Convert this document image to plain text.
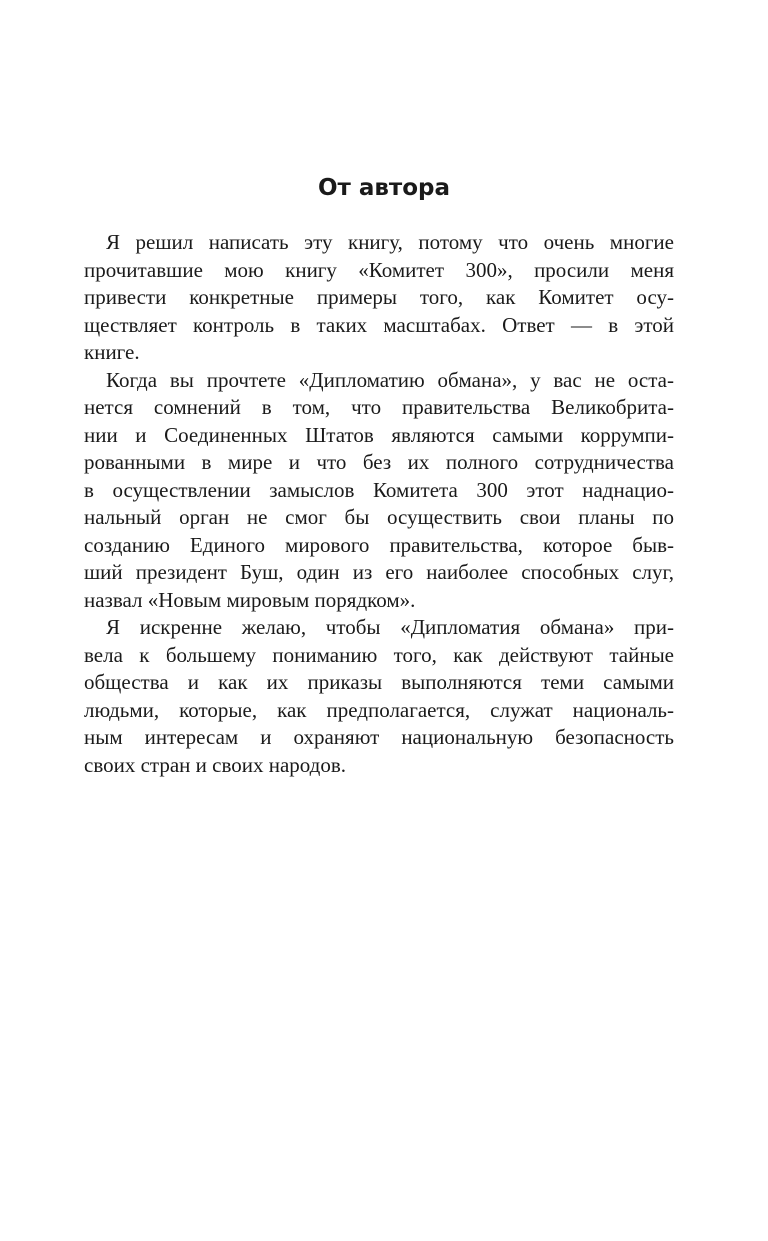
От автора
Я решил написать эту книгу, потому что очень многие
прочитавшие мою книгу «Комитет 300», просили меня
привести конкретные примеры того, как Комитет осу-
ществляет контроль в таких масштабах. Ответ — в этой
книге.
Когда вы прочтете «Дипломатию обмана», у вас не оста-
нется сомнений в том, что правительства Великобрита-
нии и Соединенных Штатов являются самыми коррумпи-
рованными в мире и что без их полного сотрудничества
в осуществлении замыслов Комитета 300 этот наднацио-
нальный орган не смог бы осуществить свои планы по
созданию Единого мирового правительства, которое быв-
ший президент Буш, один из его наиболее способных слуг,
назвал «Новым мировым порядком».
Я искренне желаю, чтобы «Дипломатия обмана» при-
вела к большему пониманию того, как действуют тайные
общества и как их приказы выполняются теми самыми
людьми, которые, как предполагается, служат националь-
ным интересам и охраняют национальную безопасность
своих стран и своих народов.
